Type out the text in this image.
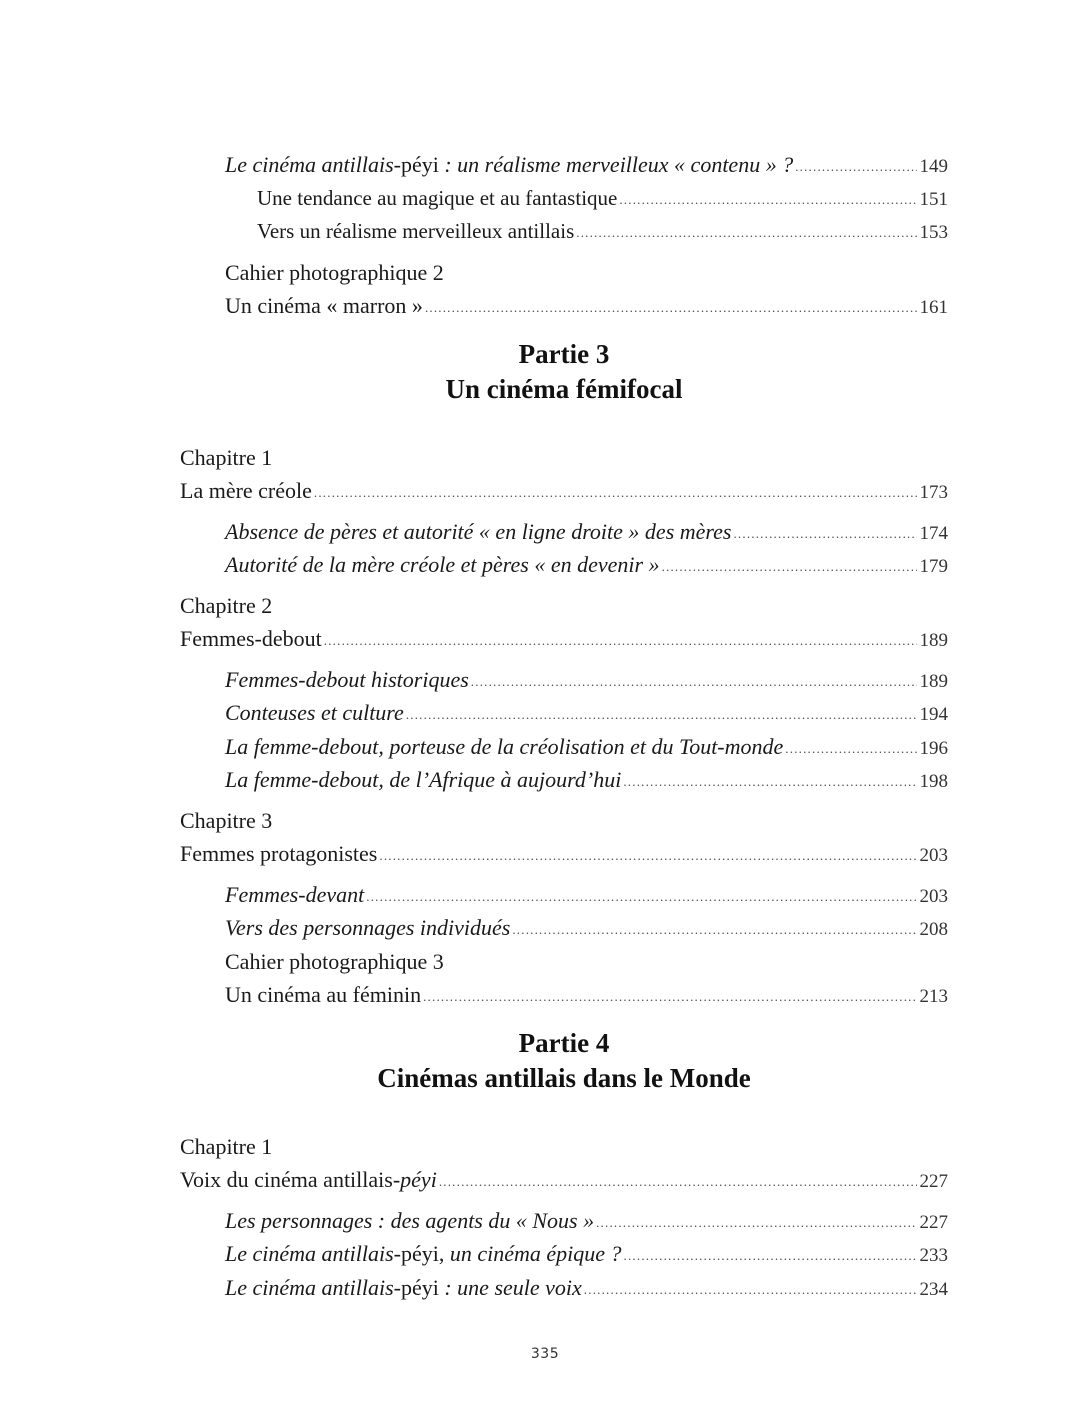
Le cinéma antillais-péyi : un réalisme merveilleux « contenu » ? .....	149
Une tendance au magique et au fantastique .....	151
Vers un réalisme merveilleux antillais .....	153
Cahier photographique 2
Un cinéma « marron » .....	161
Partie 3
Un cinéma fémifocal
Chapitre 1
La mère créole .....	173
Absence de pères et autorité « en ligne droite » des mères .....	174
Autorité de la mère créole et pères « en devenir » .....	179
Chapitre 2
Femmes-debout .....	189
Femmes-debout historiques .....	189
Conteuses et culture .....	194
La femme-debout, porteuse de la créolisation et du Tout-monde .....	196
La femme-debout, de l’Afrique à aujourd’hui .....	198
Chapitre 3
Femmes protagonistes .....	203
Femmes-devant .....	203
Vers des personnages individués .....	208
Cahier photographique 3
Un cinéma au féminin .....	213
Partie 4
Cinémas antillais dans le Monde
Chapitre 1
Voix du cinéma antillais-péyi .....	227
Les personnages : des agents du « Nous » .....	227
Le cinéma antillais-péyi, un cinéma épique ? .....	233
Le cinéma antillais-péyi : une seule voix .....	234
335
